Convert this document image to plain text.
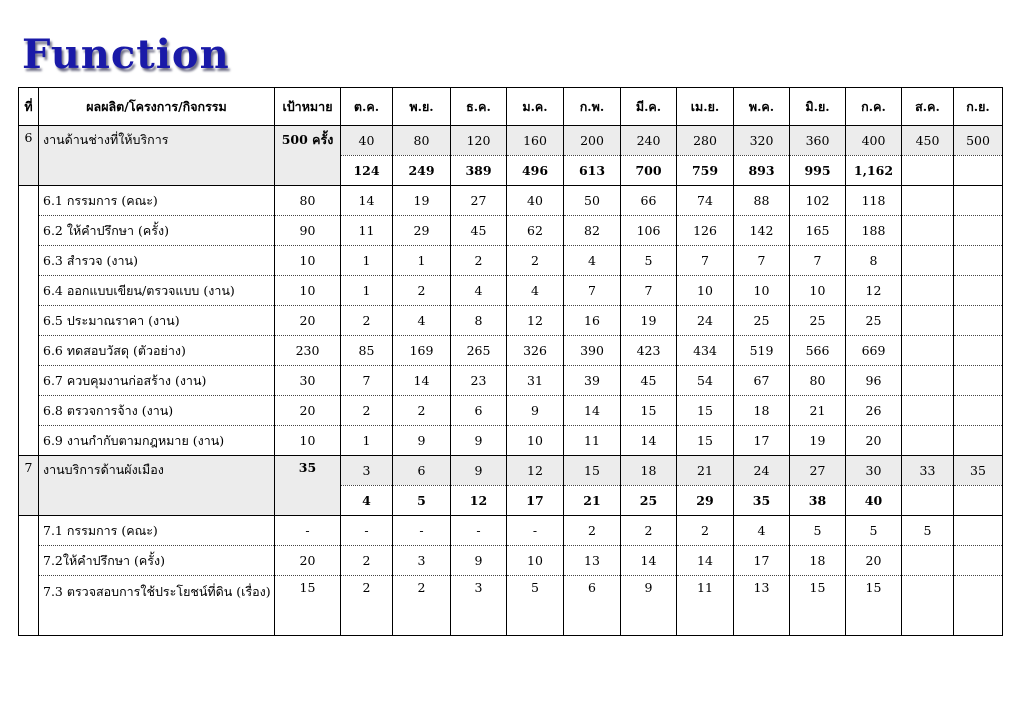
Function
ที่	ผลผลิต/โครงการ/กิจกรรม	เป้าหมาย	ต.ค.	พ.ย.	ธ.ค.	ม.ค.	ก.พ.	มี.ค.	เม.ย.	พ.ค.	มิ.ย.	ก.ค.	ส.ค.	ก.ย.
6	งานด้านช่างที่ให้บริการ	500 ครั้ง	40	80	120	160	200	240	280	320	360	400	450	500
			124	249	389	496	613	700	759	893	995	1,162		
	6.1 กรรมการ (คณะ)	80	14	19	27	40	50	66	74	88	102	118		
	6.2 ให้คำปรึกษา (ครั้ง)	90	11	29	45	62	82	106	126	142	165	188		
	6.3 สำรวจ (งาน)	10	1	1	2	2	4	5	7	7	7	8		
	6.4 ออกแบบเขียน/ตรวจแบบ (งาน)	10	1	2	4	4	7	7	10	10	10	12		
	6.5 ประมาณราคา (งาน)	20	2	4	8	12	16	19	24	25	25	25		
	6.6 ทดสอบวัสดุ (ตัวอย่าง)	230	85	169	265	326	390	423	434	519	566	669		
	6.7 ควบคุมงานก่อสร้าง (งาน)	30	7	14	23	31	39	45	54	67	80	96		
	6.8 ตรวจการจ้าง (งาน)	20	2	2	6	9	14	15	15	18	21	26		
	6.9 งานกำกับตามกฎหมาย (งาน)	10	1	9	9	10	11	14	15	17	19	20		
7	งานบริการด้านผังเมือง	35	3	6	9	12	15	18	21	24	27	30	33	35
			4	5	12	17	21	25	29	35	38	40		
	7.1 กรรมการ (คณะ)	-	-	-	-	-	2	2	2	4	5	5	5	
	7.2ให้คำปรึกษา (ครั้ง)	20	2	3	9	10	13	14	14	17	18	20		
	7.3 ตรวจสอบการใช้ประโยชน์ที่ดิน (เรื่อง)	15	2	2	3	5	6	9	11	13	15	15		
